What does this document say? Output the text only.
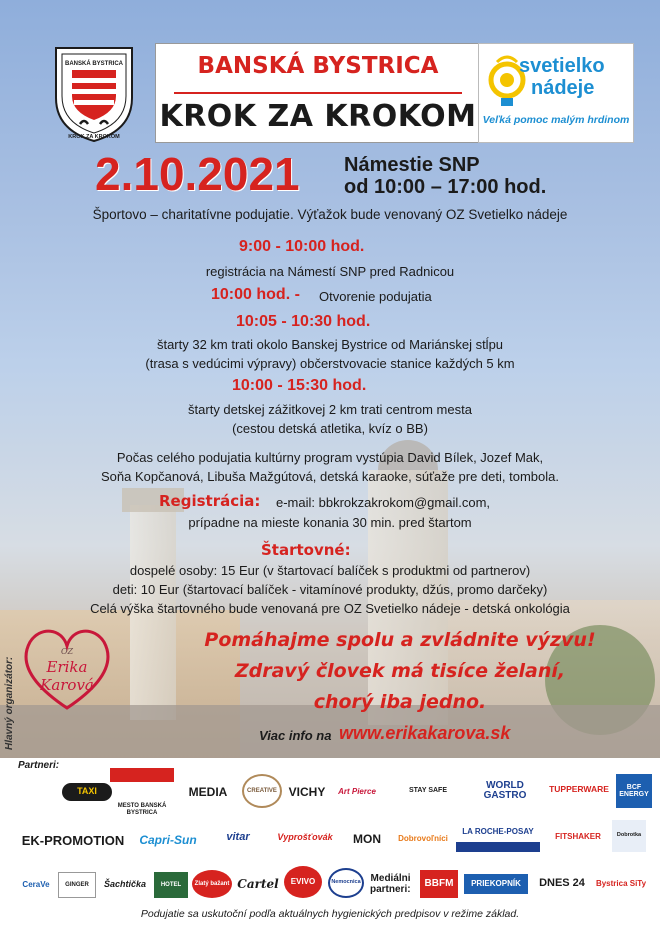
BANSKÁ BYSTRICA
KROK ZA KROKOM
BANSKÁ BYSTRICA
KROK ZA KROKOM
svetielko
nádeje
Veľká pomoc malým hrdinom
2.10.2021 Námestie SNP
od 10:00 – 17:00 hod.
Športovo – charitatívne podujatie. Výťažok bude venovaný OZ Svetielko nádeje
9:00 - 10:00 hod.
registrácia na Námestí SNP pred Radnicou
10:00 hod. - Otvorenie podujatia
10:05 - 10:30 hod.
štarty 32 km trati okolo Banskej Bystrice od Mariánskej stĺpu
(trasa s vedúcimi výpravy) občerstvovacie stanice každých 5 km
10:00 - 15:30 hod.
štarty detskej zážitkovej 2 km trati centrom mesta
(cestou detská atletika, kvíz o BB)
Počas celého podujatia kultúrny program vystúpia David Bílek, Jozef Mak,
Soňa Kopčanová, Libuša Mažgútová, detská karaoke, súťaže pre deti, tombola.
Registrácia: e-mail: bbkrokzakrokom@gmail.com,
prípadne na mieste konania 30 min. pred štartom
Štartovné:
dospelé osoby: 15 Eur (v štartovací balíček s produktmi od partnerov)
deti: 10 Eur (štartovací balíček - vitamínové produkty, džús, promo darčeky)
Celá výška štartovného bude venovaná pre OZ Svetielko nádeje - detská onkológia
Hlavný organizátor:
OZ
Erika
Karová
Pomáhajme spolu a zvládnite výzvu!
Zdravý človek má tisíce želaní,
chorý iba jedno.
Viac info na www.erikakarova.sk
Partneri:
TAXI
MESTO BANSKÁ BYSTRICA
MEDIA	CREATIVE VICHY	Art Pierce	STAY SAFE
WORLD GASTRO
TUPPERWARE	BCF ENERGY
EK-PROMOTION	Capri-Sun	vitar	Vyprošťovák	MON	Dobrovoľníci
LA ROCHE-POSAY
FITSHAKER	Dobrotka
CeraVe	GINGER	Šachtička	HOTEL	Zlatý bažant Cartel	EVIVO	Nemocnica Mediálni
partneri:
BBFM	PRIEKOPNÍK	DNES 24	Bystrica SiTy
Podujatie sa uskutoční podľa aktuálnych hygienických predpisov v režime základ.
